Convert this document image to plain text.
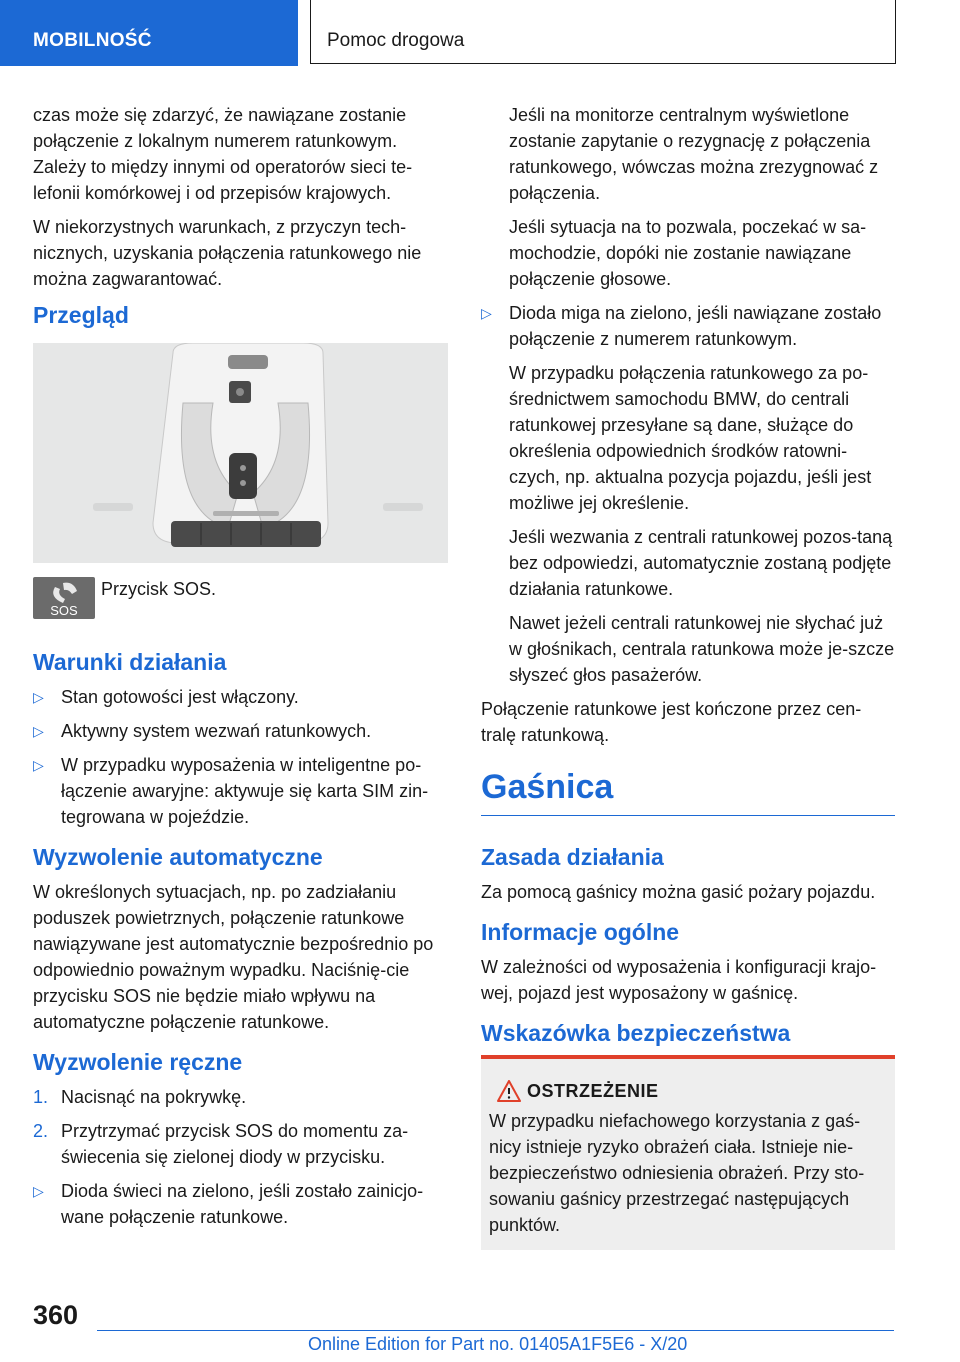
MOBILNOŚĆ	Pomoc drogowa

czas może się zdarzyć, że nawiązane zostanie połączenie z lokalnym numerem ratunkowym. Zależy to między innymi od operatorów sieci te-lefonii komórkowej i od przepisów krajowych.

W niekorzystnych warunkach, z przyczyn tech-nicznych, uzyskania połączenia ratunkowego nie można zagwarantować.

Przegląd
SOS
Przycisk SOS.
Warunki działania
▷ Stan gotowości jest włączony.
▷ Aktywny system wezwań ratunkowych.
▷ W przypadku wyposażenia w inteligentne po-łączenie awaryjne: aktywuje się karta SIM zin-tegrowana w pojeździe.
Wyzwolenie automatyczne

W określonych sytuacjach, np. po zadziałaniu poduszek powietrznych, połączenie ratunkowe nawiązywane jest automatycznie bezpośrednio po odpowiednio poważnym wypadku. Naciśnię-cie przycisku SOS nie będzie miało wpływu na automatyczne połączenie ratunkowe.

Wyzwolenie ręczne
1. Nacisnąć na pokrywkę.
2. Przytrzymać przycisk SOS do momentu za-świecenia się zielonej diody w przycisku.
▷ Dioda świeci na zielono, jeśli zostało zainicjo-wane połączenie ratunkowe.

Jeśli na monitorze centralnym wyświetlone zostanie zapytanie o rezygnację z połączenia ratunkowego, wówczas można zrezygnować z połączenia.

Jeśli sytuacja na to pozwala, poczekać w sa-mochodzie, dopóki nie zostanie nawiązane połączenie głosowe.

▷ Dioda miga na zielono, jeśli nawiązane zostało połączenie z numerem ratunkowym.

W przypadku połączenia ratunkowego za po-średnictwem samochodu BMW, do centrali ratunkowej przesyłane są dane, służące do określenia odpowiednich środków ratowni-czych, np. aktualna pozycja pojazdu, jeśli jest możliwe jej określenie.

Jeśli wezwania z centrali ratunkowej pozos-taną bez odpowiedzi, automatycznie zostaną podjęte działania ratunkowe.

Nawet jeżeli centrali ratunkowej nie słychać już w głośnikach, centrala ratunkowa może je-szcze słyszeć głos pasażerów.

Połączenie ratunkowe jest kończone przez cen-tralę ratunkową.

Gaśnica
Zasada działania

Za pomocą gaśnicy można gasić pożary pojazdu.

Informacje ogólne

W zależności od wyposażenia i konfiguracji krajo-wej, pojazd jest wyposażony w gaśnicę.

Wskazówka bezpieczeństwa
OSTRZEŻENIE

W przypadku niefachowego korzystania z gaś-nicy istnieje ryzyko obrażeń ciała. Istnieje nie-bezpieczeństwo odniesienia obrażeń. Przy sto-sowaniu gaśnicy przestrzegać następujących punktów.

360
Online Edition for Part no. 01405A1F5E6 - X/20
